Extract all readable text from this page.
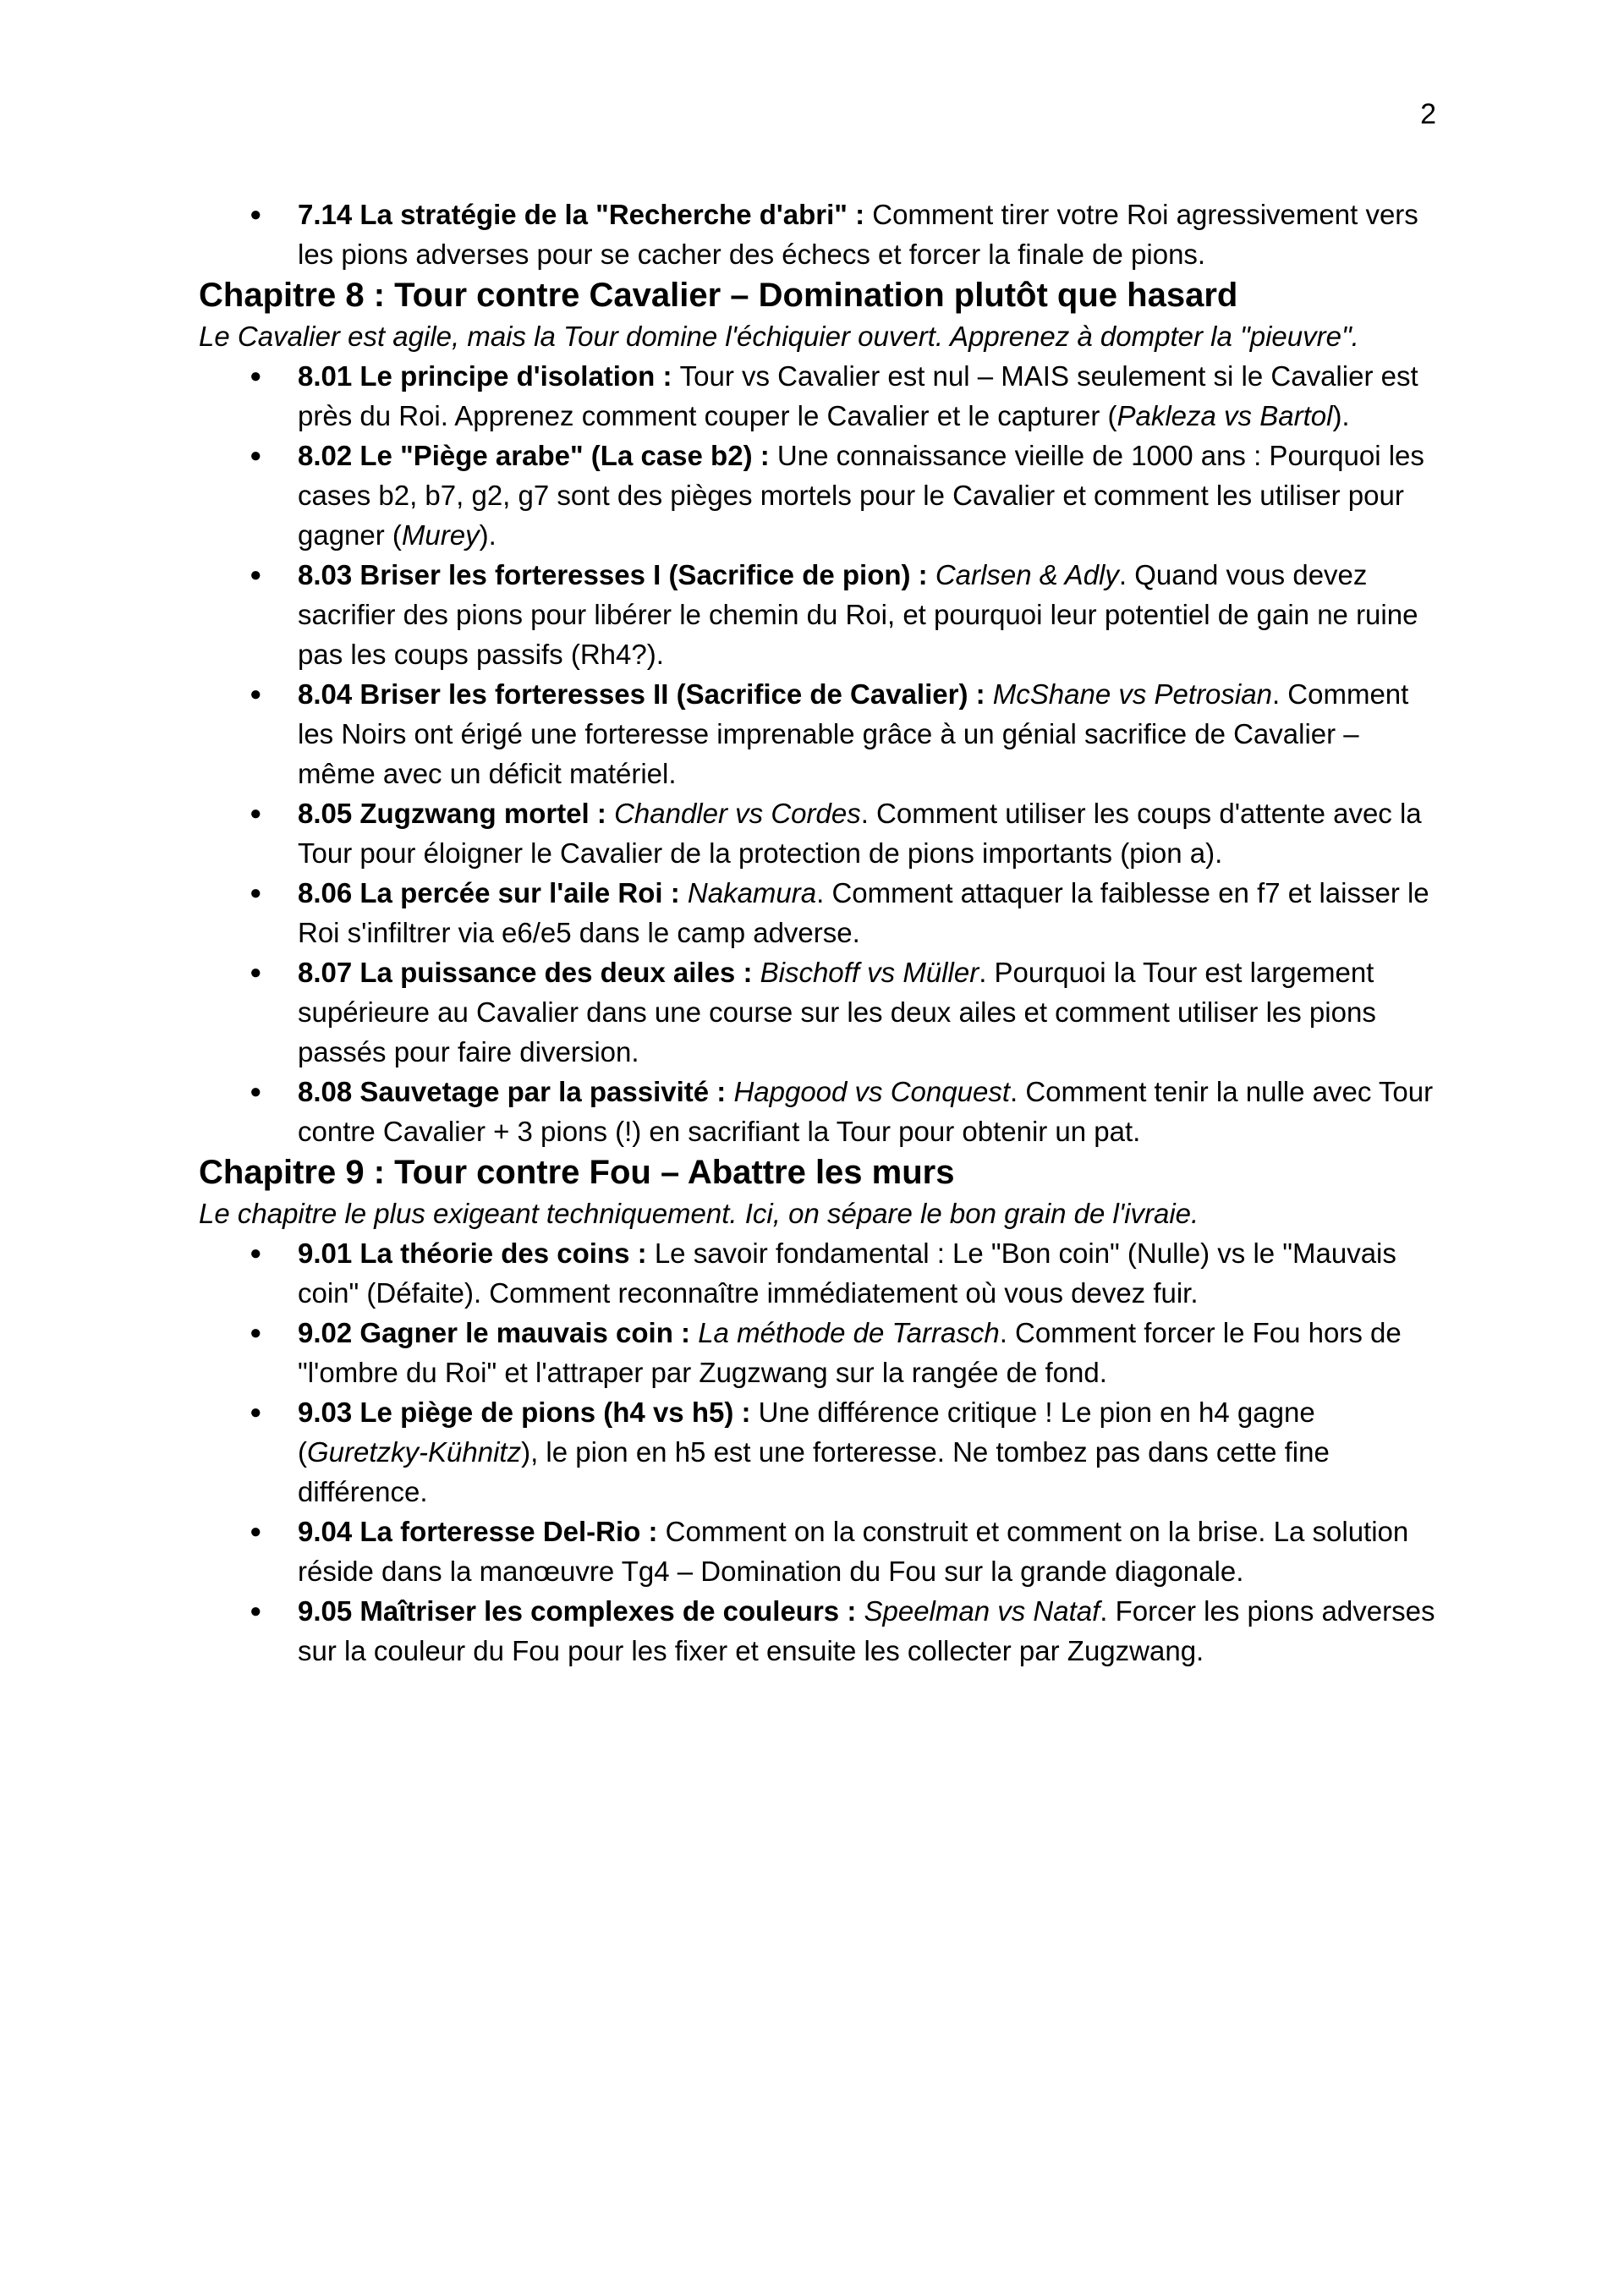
2
● 7.14 La stratégie de la "Recherche d'abri" : Comment tirer votre Roi agressivement vers les pions adverses pour se cacher des échecs et forcer la finale de pions.
Chapitre 8 : Tour contre Cavalier – Domination plutôt que hasard

Le Cavalier est agile, mais la Tour domine l'échiquier ouvert. Apprenez à dompter la "pieuvre".

● 8.01 Le principe d'isolation : Tour vs Cavalier est nul – MAIS seulement si le Cavalier est près du Roi. Apprenez comment couper le Cavalier et le capturer (Pakleza vs Bartol).
● 8.02 Le "Piège arabe" (La case b2) : Une connaissance vieille de 1000 ans : Pourquoi les cases b2, b7, g2, g7 sont des pièges mortels pour le Cavalier et comment les utiliser pour gagner (Murey).
● 8.03 Briser les forteresses I (Sacrifice de pion) : Carlsen & Adly. Quand vous devez sacrifier des pions pour libérer le chemin du Roi, et pourquoi leur potentiel de gain ne ruine pas les coups passifs (Rh4?).
● 8.04 Briser les forteresses II (Sacrifice de Cavalier) : McShane vs Petrosian. Comment les Noirs ont érigé une forteresse imprenable grâce à un génial sacrifice de Cavalier – même avec un déficit matériel.
● 8.05 Zugzwang mortel : Chandler vs Cordes. Comment utiliser les coups d'attente avec la Tour pour éloigner le Cavalier de la protection de pions importants (pion a).
● 8.06 La percée sur l'aile Roi : Nakamura. Comment attaquer la faiblesse en f7 et laisser le Roi s'infiltrer via e6/e5 dans le camp adverse.
● 8.07 La puissance des deux ailes : Bischoff vs Müller. Pourquoi la Tour est largement supérieure au Cavalier dans une course sur les deux ailes et comment utiliser les pions passés pour faire diversion.
● 8.08 Sauvetage par la passivité : Hapgood vs Conquest. Comment tenir la nulle avec Tour contre Cavalier + 3 pions (!) en sacrifiant la Tour pour obtenir un pat.
Chapitre 9 : Tour contre Fou – Abattre les murs

Le chapitre le plus exigeant techniquement. Ici, on sépare le bon grain de l'ivraie.

● 9.01 La théorie des coins : Le savoir fondamental : Le "Bon coin" (Nulle) vs le "Mauvais coin" (Défaite). Comment reconnaître immédiatement où vous devez fuir.
● 9.02 Gagner le mauvais coin : La méthode de Tarrasch. Comment forcer le Fou hors de "l'ombre du Roi" et l'attraper par Zugzwang sur la rangée de fond.
● 9.03 Le piège de pions (h4 vs h5) : Une différence critique ! Le pion en h4 gagne (Guretzky-Kühnitz), le pion en h5 est une forteresse. Ne tombez pas dans cette fine différence.
● 9.04 La forteresse Del-Rio : Comment on la construit et comment on la brise. La solution réside dans la manœuvre Tg4 – Domination du Fou sur la grande diagonale.
● 9.05 Maîtriser les complexes de couleurs : Speelman vs Nataf. Forcer les pions adverses sur la couleur du Fou pour les fixer et ensuite les collecter par Zugzwang.
